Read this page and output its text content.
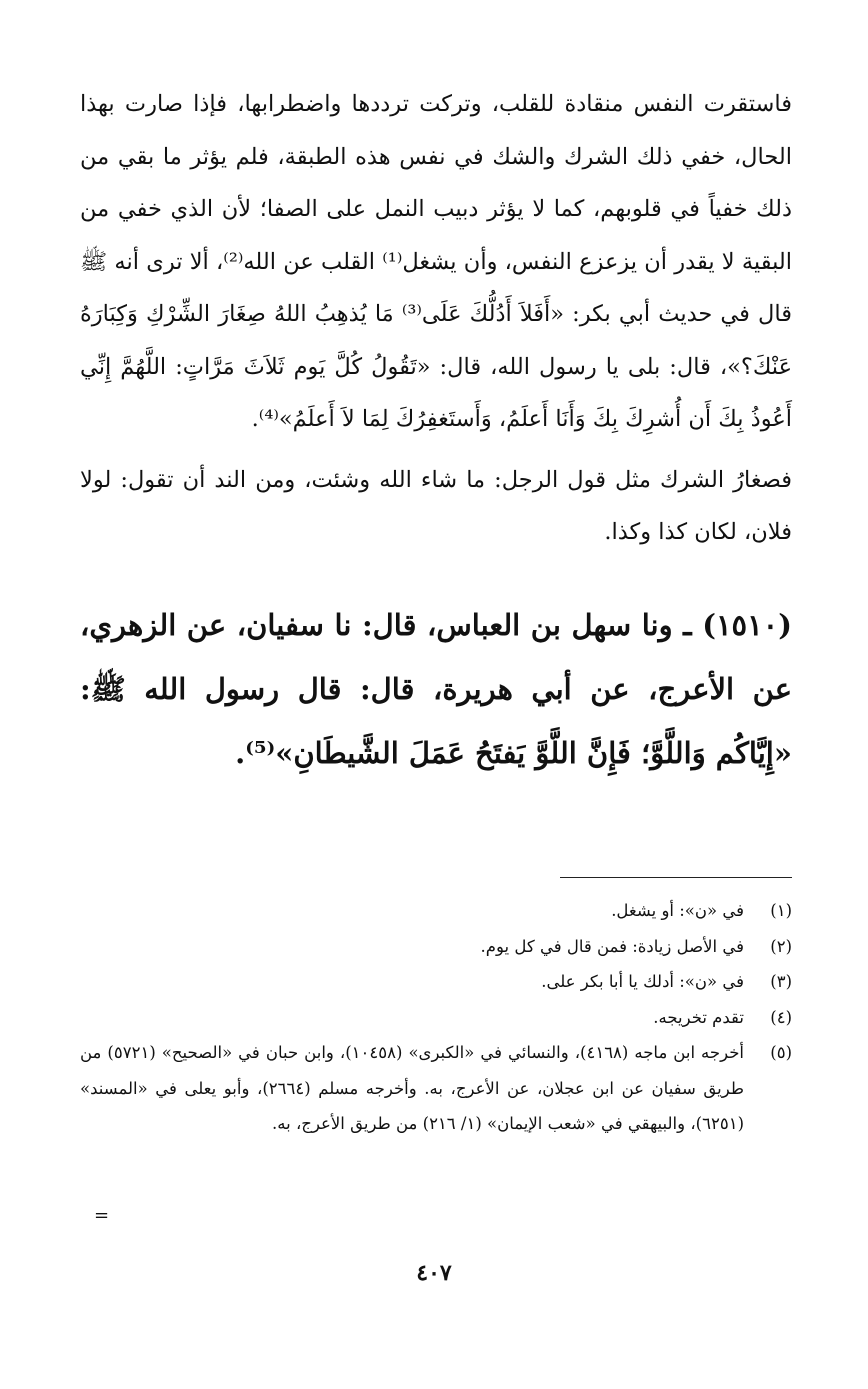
فاستقرت النفس منقادة للقلب، وتركت ترددها واضطرابها، فإذا صارت بهذا الحال، خفي ذلك الشرك والشك في نفس هذه الطبقة، فلم يؤثر ما بقي من ذلك خفياً في قلوبهم، كما لا يؤثر دبيب النمل على الصفا؛ لأن الذي خفي من البقية لا يقدر أن يزعزع النفس، وأن يشغل⁽¹⁾ القلب عن الله⁽²⁾، ألا ترى أنه ﷺ قال في حديث أبي بكر: «أَفَلاَ أَدُلُّكَ عَلَى⁽³⁾ مَا يُذهِبُ اللهُ صِغَارَ الشِّرْكِ وَكِبَارَهُ عَنْكَ؟»، قال: بلى يا رسول الله، قال: «تَقُولُ كُلَّ يَوم ثَلاَثَ مَرَّاتٍ: اللَّهُمَّ إِنِّي أَعُوذُ بِكَ أَن أُشرِكَ بِكَ وَأَنَا أَعلَمُ، وَأَستَغفِرُكَ لِمَا لاَ أَعلَمُ»⁽⁴⁾.

فصغارُ الشرك مثل قول الرجل: ما شاء الله وشئت، ومن الند أن تقول: لولا فلان، لكان كذا وكذا.

(١٥١٠) ـ ونا سهل بن العباس، قال: نا سفيان، عن الزهري، عن الأعرج، عن أبي هريرة، قال: قال رسول الله ﷺ: «إِيَّاكُم وَاللَّوَّ؛ فَإِنَّ اللَّوَّ يَفتَحُ عَمَلَ الشَّيطَانِ»⁽⁵⁾.

(١)
في «ن»: أو يشغل.
(٢)
في الأصل زيادة: فمن قال في كل يوم.
(٣)
في «ن»: أدلك يا أبا بكر على.
(٤)
تقدم تخريجه.
(٥)
أخرجه ابن ماجه (٤١٦٨)، والنسائي في «الكبرى» (١٠٤٥٨)، وابن حبان في «الصحيح» (٥٧٢١) من طريق سفيان عن ابن عجلان، عن الأعرج، به. وأخرجه مسلم (٢٦٦٤)، وأبو يعلى في «المسند» (٦٢٥١)، والبيهقي في «شعب الإيمان» (١/ ٢١٦) من طريق الأعرج، به.
=
٤٠٧
